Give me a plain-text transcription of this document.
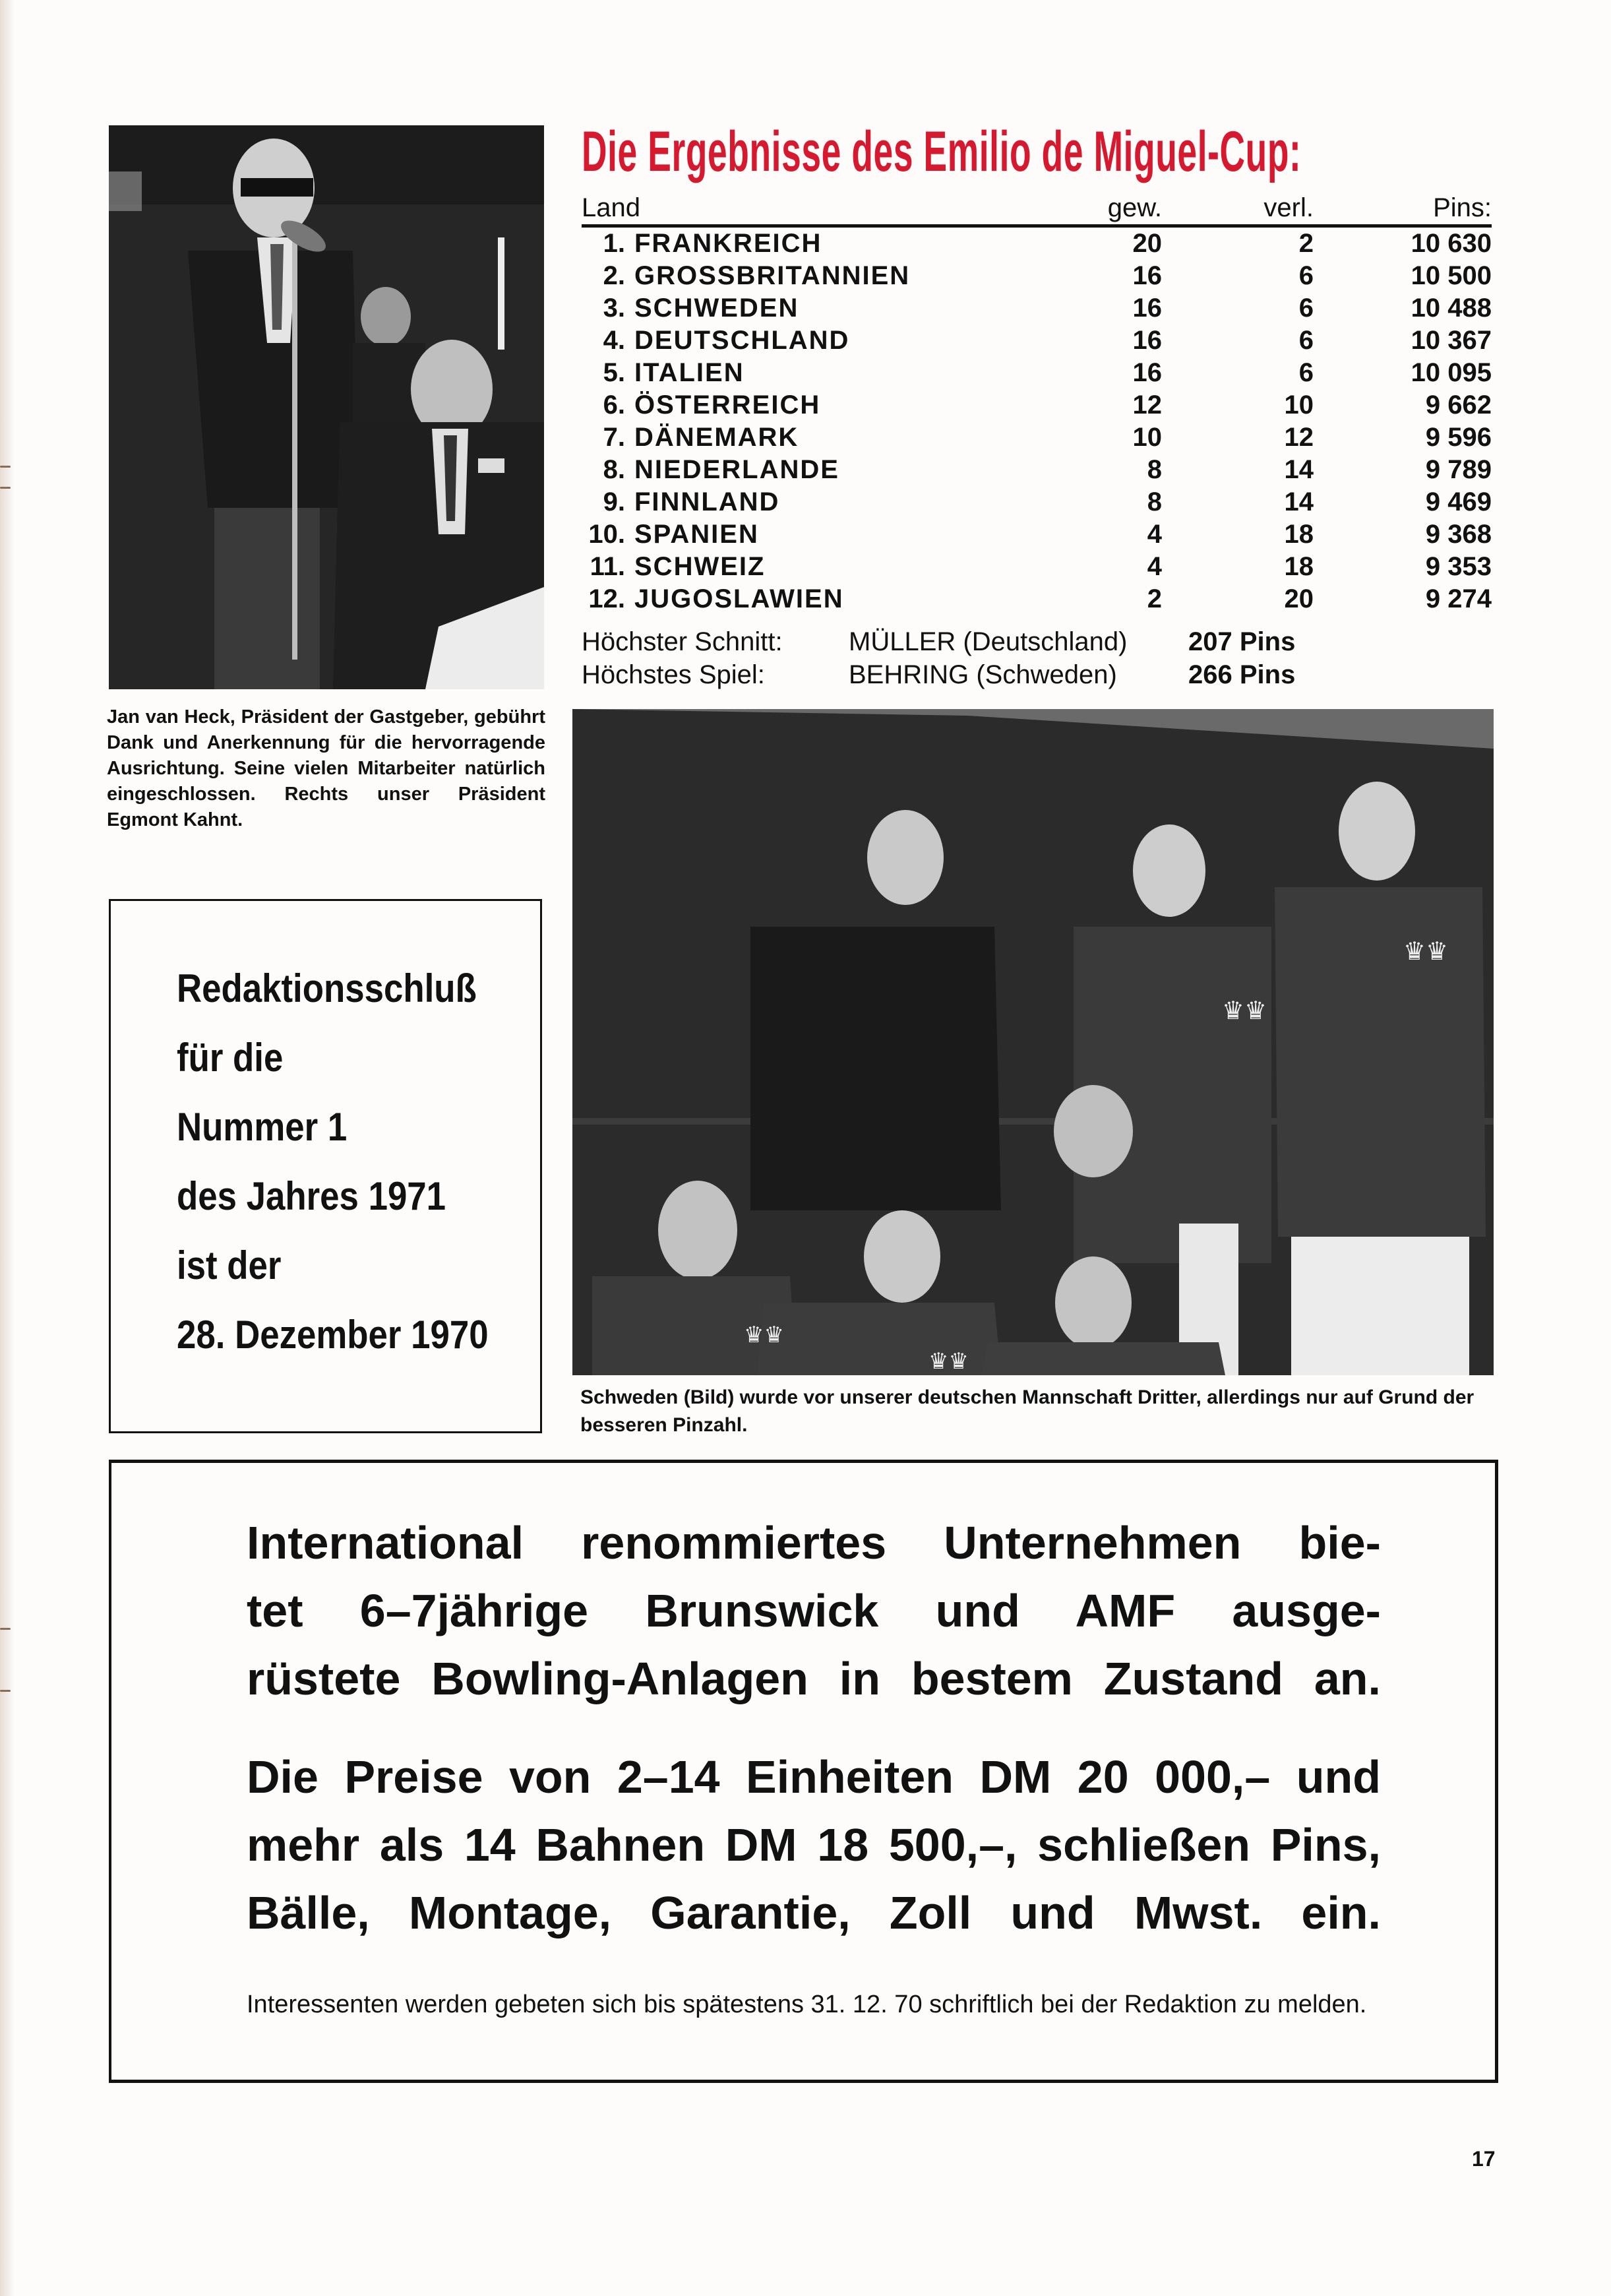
Die Ergebnisse des Emilio de Miguel-Cup:
Land	gew.	verl.	Pins:
1. FRANKREICH	20	2	10 630
2. GROSSBRITANNIEN	16	6	10 500
3. SCHWEDEN	16	6	10 488
4. DEUTSCHLAND	16	6	10 367
5. ITALIEN	16	6	10 095
6. ÖSTERREICH	12	10	9 662
7. DÄNEMARK	10	12	9 596
8. NIEDERLANDE	8	14	9 789
9. FINNLAND	8	14	9 469
10. SPANIEN	4	18	9 368
11. SCHWEIZ	4	18	9 353
12. JUGOSLAWIEN	2	20	9 274
Höchster Schnitt:	MÜLLER (Deutschland)	207 Pins
Höchstes Spiel:	BEHRING (Schweden)	266 Pins
Jan van Heck, Präsident der Gastgeber, gebührt Dank und Anerkennung für die hervorragende Ausrichtung. Seine vielen Mitarbeiter natürlich eingeschlossen. Rechts unser Präsident Egmont Kahnt.
♛♛
♛♛
♛♛
♛♛
Schweden (Bild) wurde vor unserer deutschen Mannschaft Dritter, allerdings nur auf Grund der besseren Pinzahl.
Redaktionsschluß
für die
Nummer 1
des Jahres 1971
ist der
28. Dezember 1970
International renommiertes Unternehmen bie-
tet 6–7jährige Brunswick und AMF ausge-
rüstete Bowling-Anlagen in bestem Zustand an.
Die Preise von 2–14 Einheiten DM 20 000,– und
mehr als 14 Bahnen DM 18 500,–, schließen Pins,
Bälle, Montage, Garantie, Zoll und Mwst. ein.
Interessenten werden gebeten sich bis spätestens 31. 12. 70 schriftlich bei der Redaktion zu melden.
17
